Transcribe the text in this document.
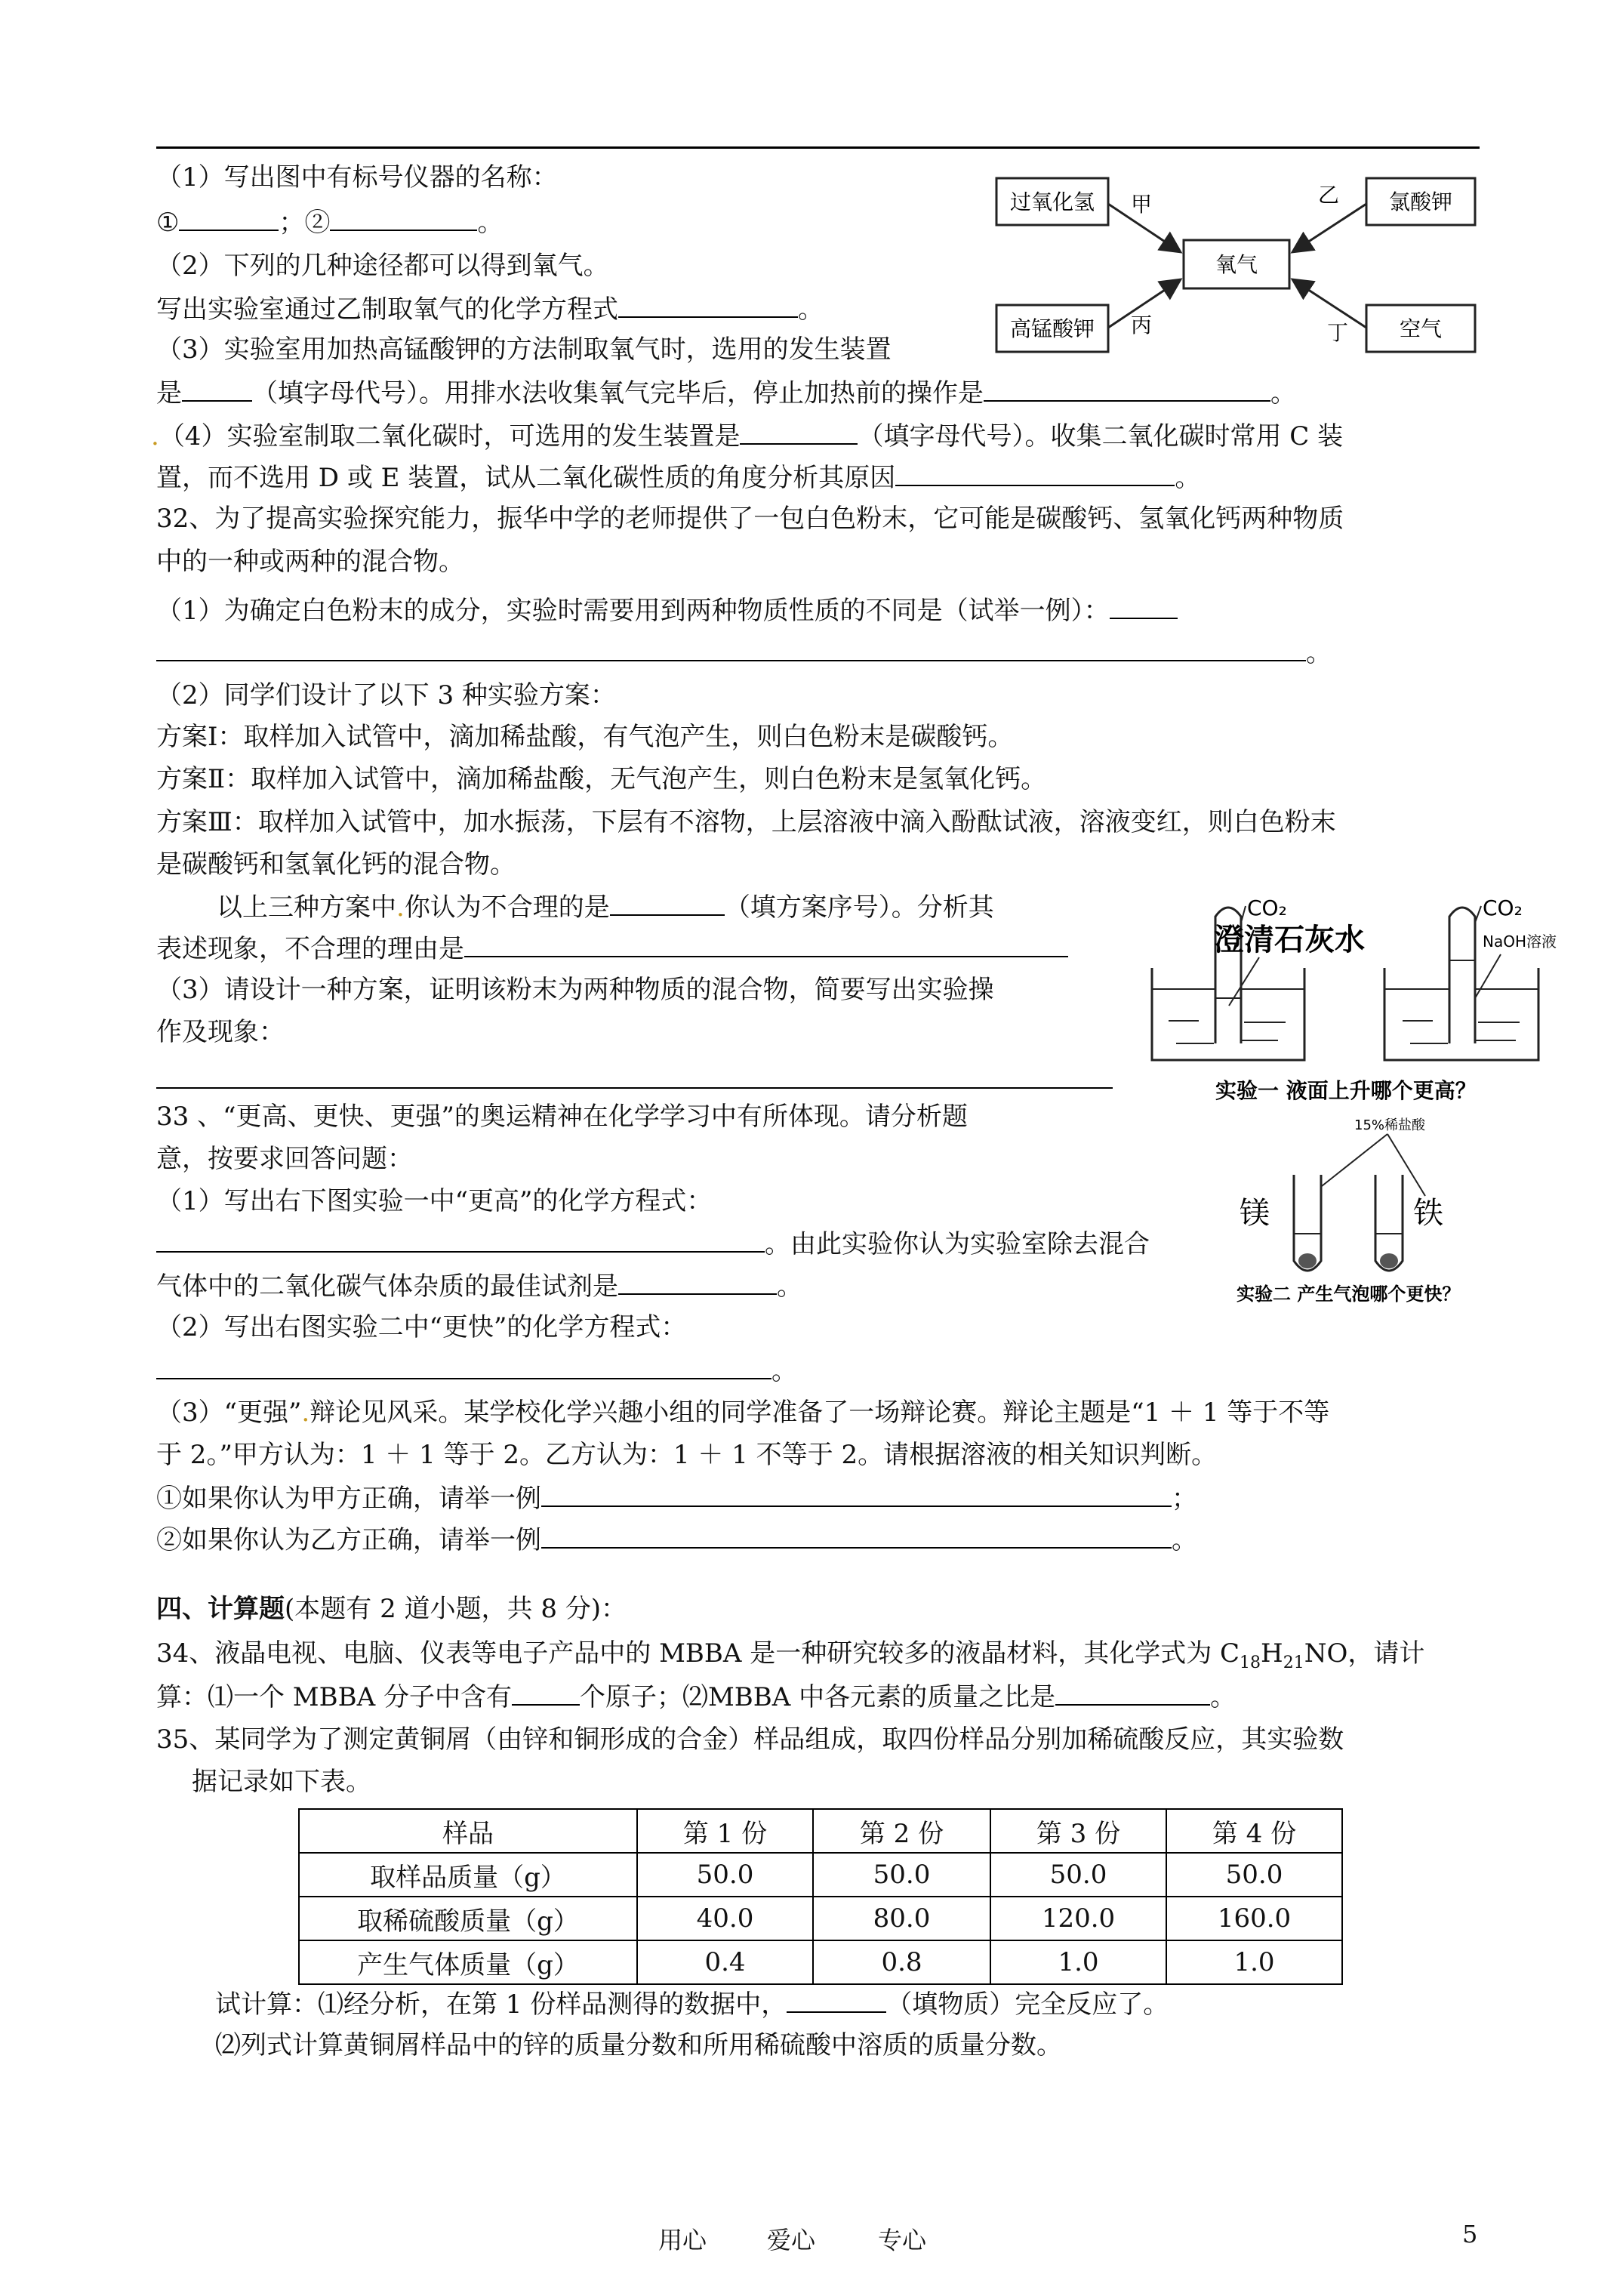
（1）写出图中有标号仪器的名称：
①	；②	。
（2）下列的几种途径都可以得到氧气。
写出实验室通过乙制取氧气的化学方程式	。
（3）实验室用加热高锰酸钾的方法制取氧气时，选用的发生装置
是	（填字母代号）。用排水法收集氧气完毕后，停止加热前的操作是	。
.（4）实验室制取二氧化碳时，可选用的发生装置是	（填字母代号）。收集二氧化碳时常用 C 装
置，而不选用 D 或 E 装置，试从二氧化碳性质的角度分析其原因	。
过氧化氢	氯酸钾
氧气
高锰酸钾	空气
甲	乙
丙	丁
32、为了提高实验探究能力，振华中学的老师提供了一包白色粉末，它可能是碳酸钙、氢氧化钙两种物质
中的一种或两种的混合物。
（1）为确定白色粉末的成分，实验时需要用到两种物质性质的不同是（试举一例）：
。
（2）同学们设计了以下 3 种实验方案：
方案Ⅰ：取样加入试管中，滴加稀盐酸，有气泡产生，则白色粉末是碳酸钙。
方案Ⅱ：取样加入试管中，滴加稀盐酸，无气泡产生，则白色粉末是氢氧化钙。
方案Ⅲ：取样加入试管中，加水振荡，下层有不溶物，上层溶液中滴入酚酞试液，溶液变红，则白色粉末
是碳酸钙和氢氧化钙的混合物。
以上三种方案中.你认为不合理的是	（填方案序号）。分析其
表述现象，不合理的理由是
（3）请设计一种方案，证明该粉末为两种物质的混合物，简要写出实验操
作及现象：
CO₂
澄清石灰水
CO₂
NaOH溶液
实验一 液面上升哪个更高？
33 、“更高、更快、更强”的奥运精神在化学学习中有所体现。请分析题
意，按要求回答问题：
（1）写出右下图实验一中“更高”的化学方程式：
。由此实验你认为实验室除去混合
气体中的二氧化碳气体杂质的最佳试剂是	。
（2）写出右图实验二中“更快”的化学方程式：
。
（3）“更强”.辩论见风采。某学校化学兴趣小组的同学准备了一场辩论赛。辩论主题是“1 ＋ 1 等于不等
于 2。”甲方认为：1 ＋ 1 等于 2。乙方认为：1 ＋ 1 不等于 2。请根据溶液的相关知识判断。
①如果你认为甲方正确，请举一例	；
②如果你认为乙方正确，请举一例	。
15%稀盐酸
镁	铁
实验二 产生气泡哪个更快？
四、计算题(本题有 2 道小题，共 8 分)：
34、液晶电视、电脑、仪表等电子产品中的 MBBA 是一种研究较多的液晶材料，其化学式为 $C_{18}H_{21}NO$，请计
算：⑴一个 MBBA 分子中含有	个原子；⑵MBBA 中各元素的质量之比是	。
35、某同学为了测定黄铜屑（由锌和铜形成的合金）样品组成，取四份样品分别加稀硫酸反应，其实验数
据记录如下表。
样品	第 1 份	第 2 份	第 3 份	第 4 份
取样品质量（g）	50.0	50.0	50.0	50.0
取稀硫酸质量（g）	40.0	80.0	120.0	160.0
产生气体质量（g）	0.4	0.8	1.0	1.0
试计算：⑴经分析，在第 1 份样品测得的数据中，	（填物质）完全反应了。
⑵列式计算黄铜屑样品中的锌的质量分数和所用稀硫酸中溶质的质量分数。
用心 爱心	专心	5
